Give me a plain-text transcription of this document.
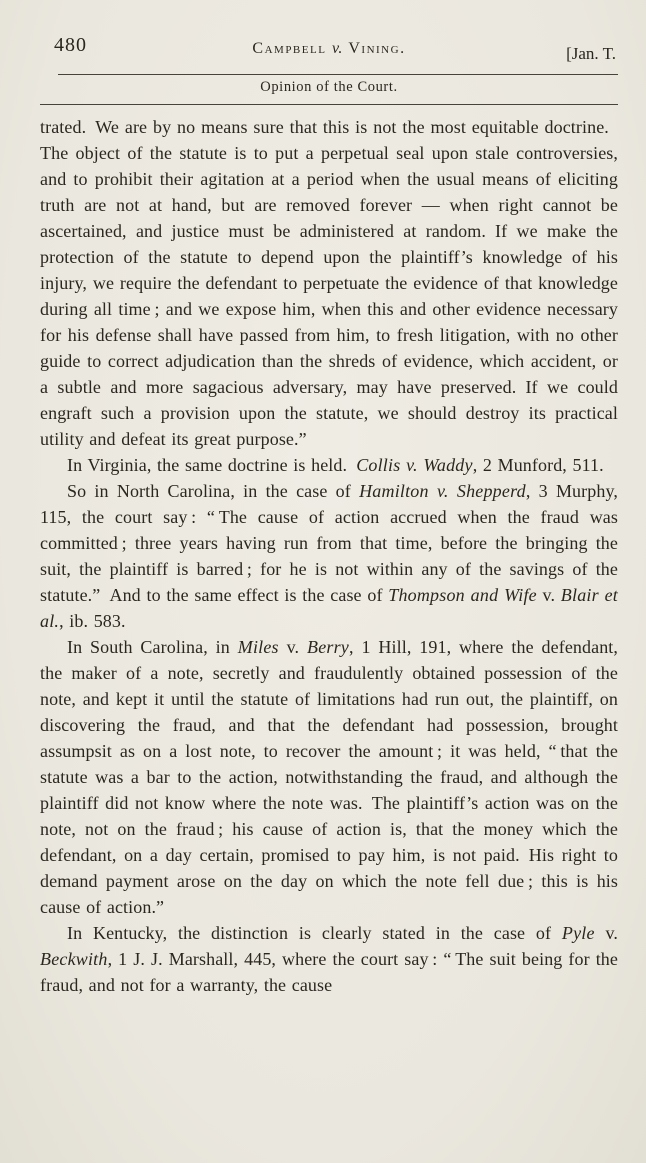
480	Campbell v. Vining.	[Jan. T.
Opinion of the Court.

trated. We are by no means sure that this is not the most equitable doctrine. The object of the statute is to put a perpetual seal upon stale controversies, and to prohibit their agitation at a period when the usual means of eliciting truth are not at hand, but are removed forever — when right cannot be ascertained, and justice must be administered at random. If we make the protection of the statute to depend upon the plaintiff’s knowledge of his injury, we require the defendant to perpetuate the evidence of that knowledge during all time ; and we expose him, when this and other evidence necessary for his defense shall have passed from him, to fresh litigation, with no other guide to correct adjudication than the shreds of evidence, which accident, or a subtle and more sagacious adversary, may have preserved. If we could engraft such a provision upon the statute, we should destroy its practical utility and defeat its great purpose.”

In Virginia, the same doctrine is held. Collis v. Waddy, 2 Munford, 511.

So in North Carolina, in the case of Hamilton v. Shepperd, 3 Murphy, 115, the court say : “ The cause of action accrued when the fraud was committed ; three years having run from that time, before the bringing the suit, the plaintiff is barred ; for he is not within any of the savings of the statute.” And to the same effect is the case of Thompson and Wife v. Blair et al., ib. 583.

In South Carolina, in Miles v. Berry, 1 Hill, 191, where the defendant, the maker of a note, secretly and fraudulently obtained possession of the note, and kept it until the statute of limitations had run out, the plaintiff, on discovering the fraud, and that the defendant had possession, brought assumpsit as on a lost note, to recover the amount ; it was held, “ that the statute was a bar to the action, notwithstanding the fraud, and although the plaintiff did not know where the note was. The plaintiff’s action was on the note, not on the fraud ; his cause of action is, that the money which the defendant, on a day certain, promised to pay him, is not paid. His right to demand payment arose on the day on which the note fell due ; this is his cause of action.”

In Kentucky, the distinction is clearly stated in the case of Pyle v. Beckwith, 1 J. J. Marshall, 445, where the court say : “ The suit being for the fraud, and not for a warranty, the cause
